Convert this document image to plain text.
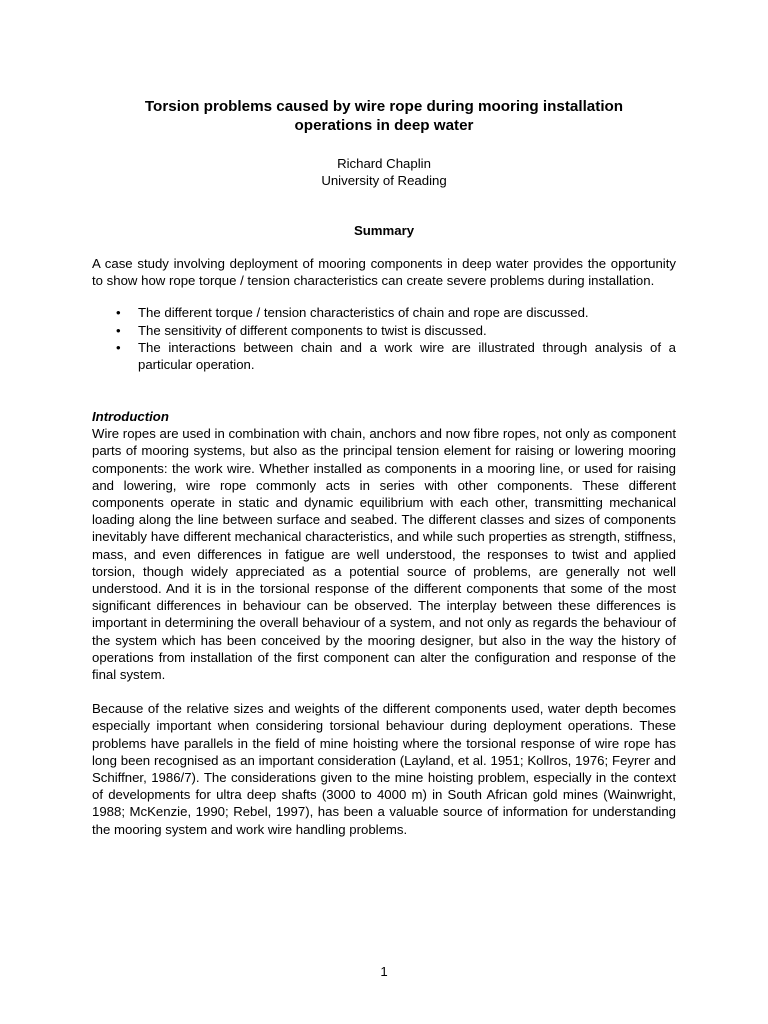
Torsion problems caused by wire rope during mooring installation
operations in deep water
Richard Chaplin
University of Reading
Summary

A case study involving deployment of mooring components in deep water provides the opportunity to show how rope torque / tension characteristics can create severe problems during installation.

• The different torque / tension characteristics of chain and rope are discussed.
• The sensitivity of different components to twist is discussed.
• The interactions between chain and a work wire are illustrated through analysis of a particular operation.
Introduction

Wire ropes are used in combination with chain, anchors and now fibre ropes, not only as component parts of mooring systems, but also as the principal tension element for raising or lowering mooring components: the work wire. Whether installed as components in a mooring line, or used for raising and lowering, wire rope commonly acts in series with other components. These different components operate in static and dynamic equilibrium with each other, transmitting mechanical loading along the line between surface and seabed. The different classes and sizes of components inevitably have different mechanical characteristics, and while such properties as strength, stiffness, mass, and even differences in fatigue are well understood, the responses to twist and applied torsion, though widely appreciated as a potential source of problems, are generally not well understood. And it is in the torsional response of the different components that some of the most significant differences in behaviour can be observed. The interplay between these differences is important in determining the overall behaviour of a system, and not only as regards the behaviour of the system which has been conceived by the mooring designer, but also in the way the history of operations from installation of the first component can alter the configuration and response of the final system.

Because of the relative sizes and weights of the different components used, water depth becomes especially important when considering torsional behaviour during deployment operations. These problems have parallels in the field of mine hoisting where the torsional response of wire rope has long been recognised as an important consideration (Layland, et al. 1951; Kollros, 1976; Feyrer and Schiffner, 1986/7). The considerations given to the mine hoisting problem, especially in the context of developments for ultra deep shafts (3000 to 4000 m) in South African gold mines (Wainwright, 1988; McKenzie, 1990; Rebel, 1997), has been a valuable source of information for understanding the mooring system and work wire handling problems.

1
